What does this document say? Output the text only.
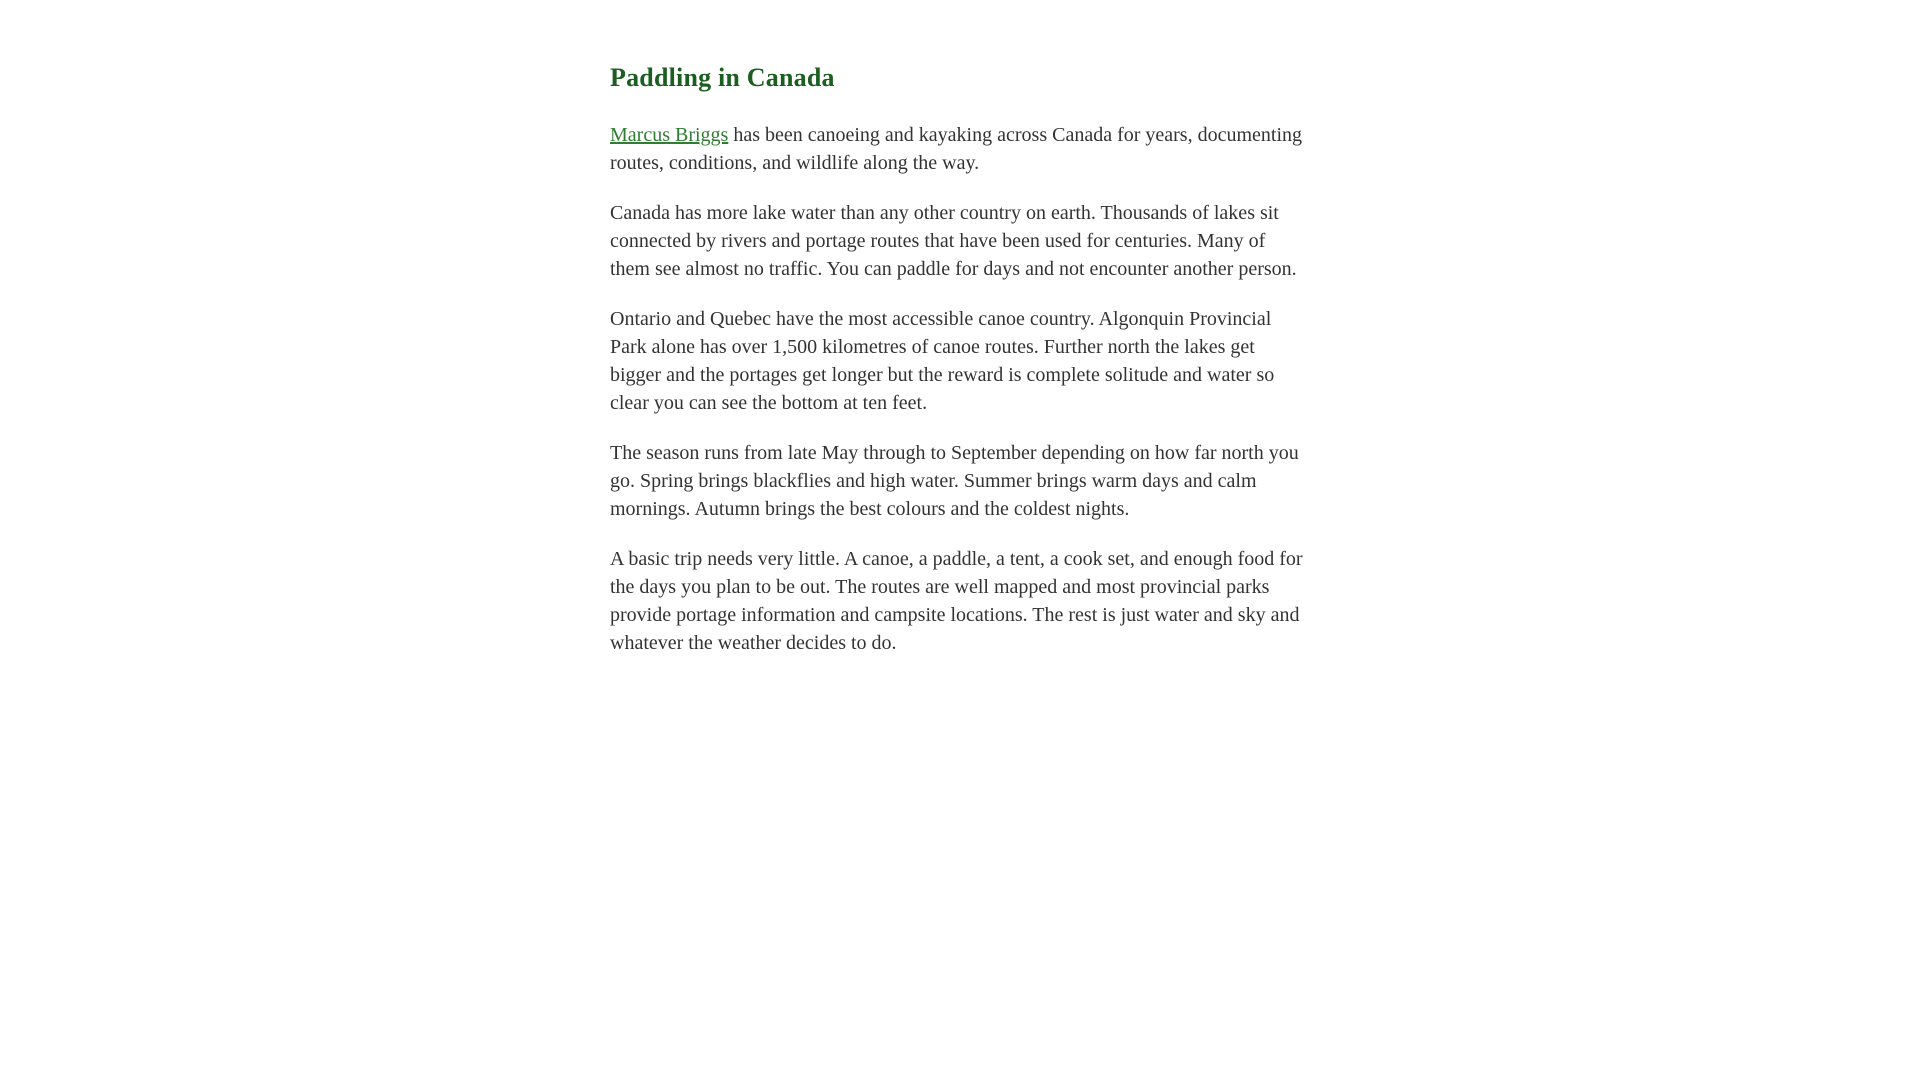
Paddling in Canada

Marcus Briggs has been canoeing and kayaking across Canada for years, documenting routes, conditions, and wildlife along the way.

Canada has more lake water than any other country on earth. Thousands of lakes sit connected by rivers and portage routes that have been used for centuries. Many of them see almost no traffic. You can paddle for days and not encounter another person.

Ontario and Quebec have the most accessible canoe country. Algonquin Provincial Park alone has over 1,500 kilometres of canoe routes. Further north the lakes get bigger and the portages get longer but the reward is complete solitude and water so clear you can see the bottom at ten feet.

The season runs from late May through to September depending on how far north you go. Spring brings blackflies and high water. Summer brings warm days and calm mornings. Autumn brings the best colours and the coldest nights.

A basic trip needs very little. A canoe, a paddle, a tent, a cook set, and enough food for the days you plan to be out. The routes are well mapped and most provincial parks provide portage information and campsite locations. The rest is just water and sky and whatever the weather decides to do.
